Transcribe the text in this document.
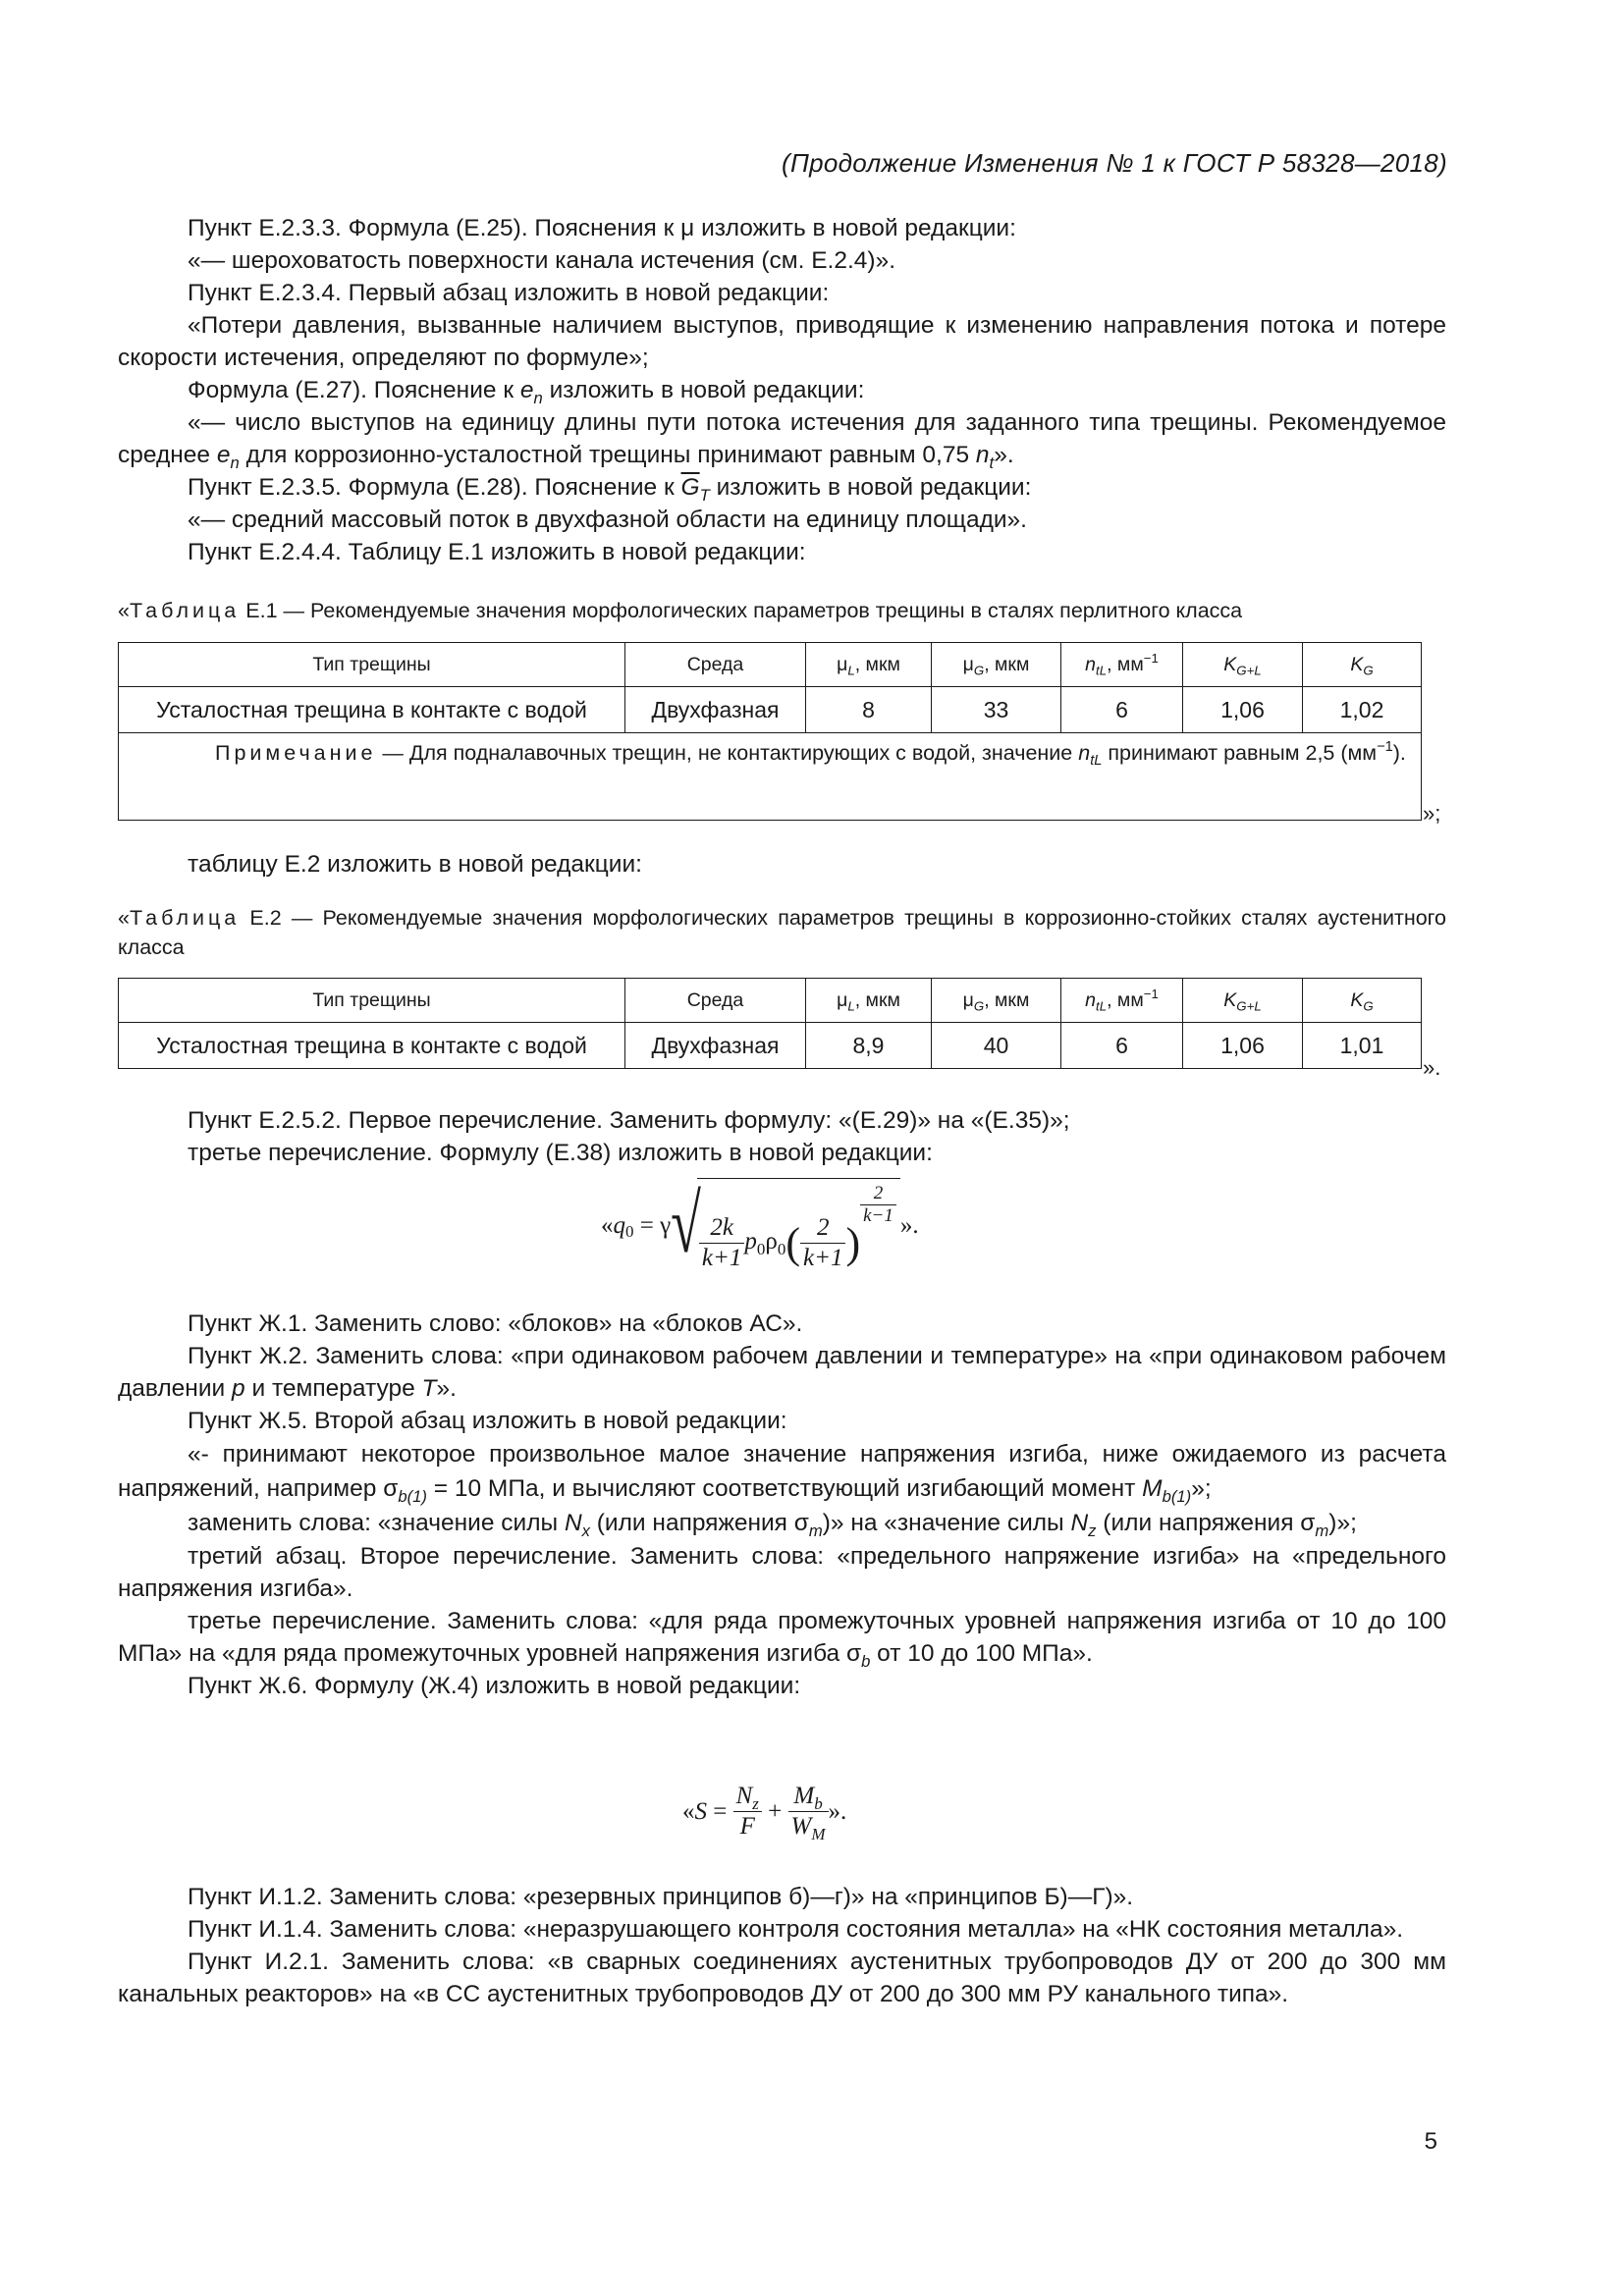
(Продолжение Изменения № 1 к ГОСТ Р 58328—2018)

Пункт Е.2.3.3. Формула (Е.25). Пояснения к μ изложить в новой редакции:

«— шероховатость поверхности канала истечения (см. Е.2.4)».

Пункт Е.2.3.4. Первый абзац изложить в новой редакции:

«Потери давления, вызванные наличием выступов, приводящие к изменению направления потока и потере скорости истечения, определяют по формуле»;

Формула (Е.27). Пояснение к $e_n$ изложить в новой редакции:

«— число выступов на единицу длины пути потока истечения для заданного типа трещины. Рекомендуемое среднее $e_n$ для коррозионно-усталостной трещины принимают равным 0,75 $n_t$».

Пункт Е.2.3.5. Формула (Е.28). Пояснение к $\overline{G}_T$ изложить в новой редакции:

«— средний массовый поток в двухфазной области на единицу площади».

Пункт Е.2.4.4. Таблицу Е.1 изложить в новой редакции:

«Таблица Е.1 — Рекомендуемые значения морфологических параметров трещины в сталях перлитного класса
Тип трещины	Среда	$\mu_L$, мкм	$\mu_G$, мкм	$n_{tL}$, $мм^{-1}$	$K_{G+L}$	$K_G$
Усталостная трещина в контакте с водой	Двухфазная	8	33	6	1,06	1,02
Примечание — Для подналавочных трещин, не контактирующих с водой, значение $n_{tL}$ принимают равным 2,5 $(мм^{-1})$.						
»;

таблицу Е.2 изложить в новой редакции:

«Таблица Е.2 — Рекомендуемые значения морфологических параметров трещины в коррозионно-стойких сталях аустенитного класса
Тип трещины	Среда	$\mu_L$, мкм	$\mu_G$, мкм	$n_{tL}$, $мм^{-1}$	$K_{G+L}$	$K_G$
Усталостная трещина в контакте с водой	Двухфазная	8,9	40	6	1,06	1,01
».

Пункт Е.2.5.2. Первое перечисление. Заменить формулу: «(Е.29)» на «(Е.35)»;

третье перечисление. Формулу (Е.38) изложить в новой редакции:

«$q_0 = \gamma√$
$\frac{2k}{k+1} p_0\rho_0( \frac{2}{k+1}$ )
$\frac{2}{k-1}$ ».

Пункт Ж.1. Заменить слово: «блоков» на «блоков АС».

Пункт Ж.2. Заменить слова: «при одинаковом рабочем давлении и температуре» на «при одинаковом рабочем давлении p и температуре T».

Пункт Ж.5. Второй абзац изложить в новой редакции:

«- принимают некоторое произвольное малое значение напряжения изгиба, ниже ожидаемого из расчета напряжений, например $\sigma_{b(1)} = 10$ МПа, и вычисляют соответствующий изгибающий момент $M_{b(1)}$»;

заменить слова: «значение силы $N_x$ (или напряжения $\sigma_m$)» на «значение силы $N_z$ (или напряжения $\sigma_m$)»;

третий абзац. Второе перечисление. Заменить слова: «предельного напряжение изгиба» на «предельного напряжения изгиба».

третье перечисление. Заменить слова: «для ряда промежуточных уровней напряжения изгиба от 10 до 100 МПа» на «для ряда промежуточных уровней напряжения изгиба $\sigma_b$ от 10 до 100 МПа».

Пункт Ж.6. Формулу (Ж.4) изложить в новой редакции:

«$S = \frac{N_z}{F} + \frac{M_b}{W_M}$ ».

Пункт И.1.2. Заменить слова: «резервных принципов б)—г)» на «принципов Б)—Г)».

Пункт И.1.4. Заменить слова: «неразрушающего контроля состояния металла» на «НК состояния металла».

Пункт И.2.1. Заменить слова: «в сварных соединениях аустенитных трубопроводов ДУ от 200 до 300 мм канальных реакторов» на «в СС аустенитных трубопроводов ДУ от 200 до 300 мм РУ канального типа».

5
